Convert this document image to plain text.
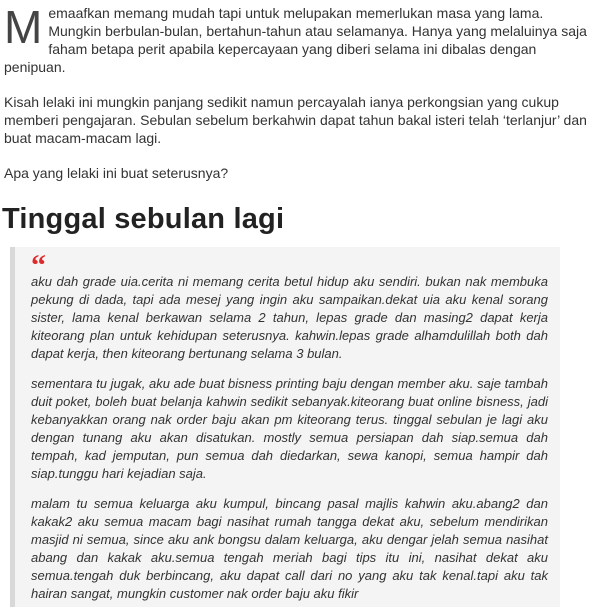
Memaafkan memang mudah tapi untuk melupakan memerlukan masa yang lama. Mungkin berbulan-bulan, bertahun-tahun atau selamanya. Hanya yang melaluinya saja faham betapa perit apabila kepercayaan yang diberi selama ini dibalas dengan penipuan.

Kisah lelaki ini mungkin panjang sedikit namun percayalah ianya perkongsian yang cukup memberi pengajaran. Sebulan sebelum berkahwin dapat tahun bakal isteri telah ‘terlanjur’ dan buat macam-macam lagi.

Apa yang lelaki ini buat seterusnya?

Tinggal sebulan lagi
“

aku dah grade uia.cerita ni memang cerita betul hidup aku sendiri. bukan nak membuka pekung di dada, tapi ada mesej yang ingin aku sampaikan.dekat uia aku kenal sorang sister, lama kenal berkawan selama 2 tahun, lepas grade dan masing2 dapat kerja kiteorang plan untuk kehidupan seterusnya. kahwin.lepas grade alhamdulillah both dah dapat kerja, then kiteorang bertunang selama 3 bulan.

sementara tu jugak, aku ade buat bisness printing baju dengan member aku. saje tambah duit poket, boleh buat belanja kahwin sedikit sebanyak.kiteorang buat online bisness, jadi kebanyakkan orang nak order baju akan pm kiteorang terus. tinggal sebulan je lagi aku dengan tunang aku akan disatukan. mostly semua persiapan dah siap.semua dah tempah, kad jemputan, pun semua dah diedarkan, sewa kanopi, semua hampir dah siap.tunggu hari kejadian saja.

malam tu semua keluarga aku kumpul, bincang pasal majlis kahwin aku.abang2 dan kakak2 aku semua macam bagi nasihat rumah tangga dekat aku, sebelum mendirikan masjid ni semua, since aku ank bongsu dalam keluarga, aku dengar jelah semua nasihat abang dan kakak aku.semua tengah meriah bagi tips itu ini, nasihat dekat aku semua.tengah duk berbincang, aku dapat call dari no yang aku tak kenal.tapi aku tak hairan sangat, mungkin customer nak order baju aku fikir
